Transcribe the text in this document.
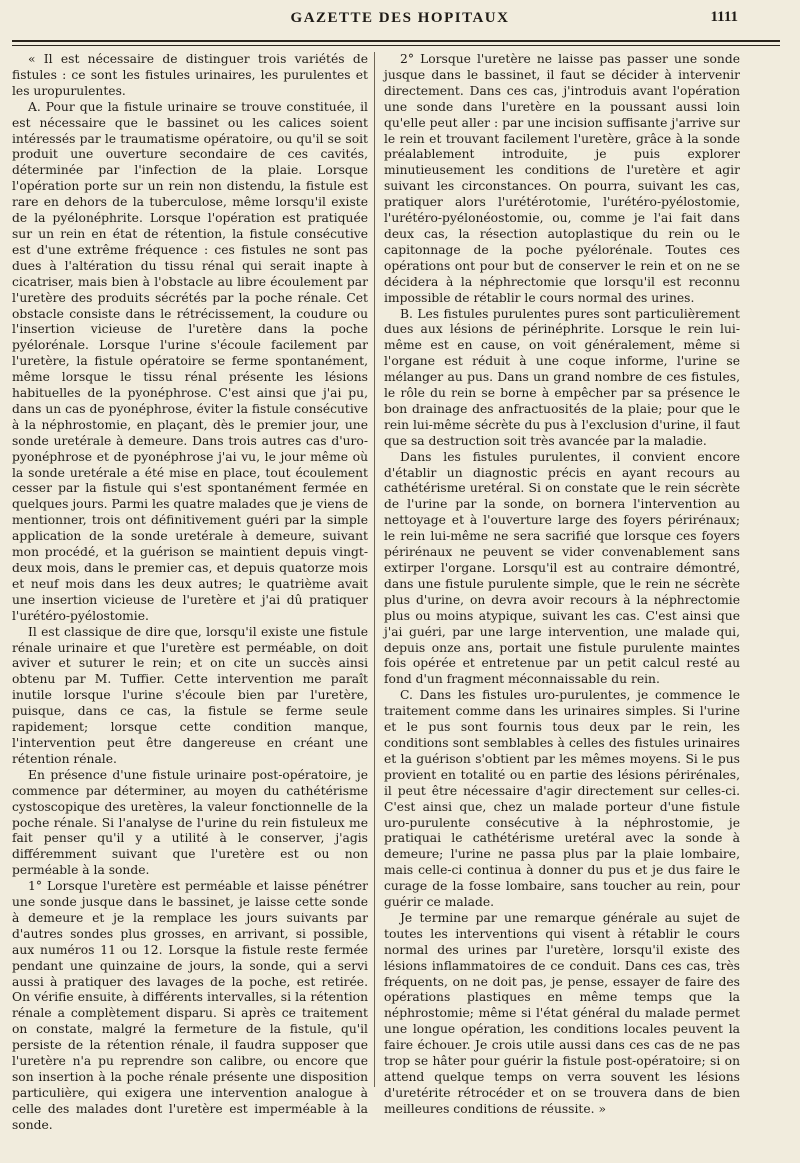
GAZETTE DES HOPITAUX	1111

« Il est nécessaire de distinguer trois variétés de fistules : ce sont les fistules urinaires, les purulentes et les uropurulentes.

A. Pour que la fistule urinaire se trouve constituée, il est nécessaire que le bassinet ou les calices soient intéressés par le traumatisme opératoire, ou qu'il se soit produit une ouverture secondaire de ces cavités, déterminée par l'infection de la plaie. Lorsque l'opération porte sur un rein non distendu, la fistule est rare en dehors de la tuberculose, même lorsqu'il existe de la pyélonéphrite. Lorsque l'opération est pratiquée sur un rein en état de rétention, la fistule consécutive est d'une extrême fréquence : ces fistules ne sont pas dues à l'altération du tissu rénal qui serait inapte à cicatriser, mais bien à l'obstacle au libre écoulement par l'uretère des produits sécrétés par la poche rénale. Cet obstacle consiste dans le rétrécissement, la coudure ou l'insertion vicieuse de l'uretère dans la poche pyélorénale. Lorsque l'urine s'écoule facilement par l'uretère, la fistule opératoire se ferme spontanément, même lorsque le tissu rénal présente les lésions habituelles de la pyonéphrose. C'est ainsi que j'ai pu, dans un cas de pyonéphrose, éviter la fistule consécutive à la néphrostomie, en plaçant, dès le premier jour, une sonde uretérale à demeure. Dans trois autres cas d'uro-pyonéphrose et de pyonéphrose j'ai vu, le jour même où la sonde uretérale a été mise en place, tout écoulement cesser par la fistule qui s'est spontanément fermée en quelques jours. Parmi les quatre malades que je viens de mentionner, trois ont définitivement guéri par la simple application de la sonde uretérale à demeure, suivant mon procédé, et la guérison se maintient depuis vingt-deux mois, dans le premier cas, et depuis quatorze mois et neuf mois dans les deux autres; le quatrième avait une insertion vicieuse de l'uretère et j'ai dû pratiquer l'urétéro-pyélostomie.

Il est classique de dire que, lorsqu'il existe une fistule rénale urinaire et que l'uretère est perméable, on doit aviver et suturer le rein; et on cite un succès ainsi obtenu par M. Tuffier. Cette intervention me paraît inutile lorsque l'urine s'écoule bien par l'uretère, puisque, dans ce cas, la fistule se ferme seule rapidement; lorsque cette condition manque, l'intervention peut être dangereuse en créant une rétention rénale.

En présence d'une fistule urinaire post-opératoire, je commence par déterminer, au moyen du cathétérisme cystoscopique des uretères, la valeur fonctionnelle de la poche rénale. Si l'analyse de l'urine du rein fistuleux me fait penser qu'il y a utilité à le conserver, j'agis différemment suivant que l'uretère est ou non perméable à la sonde.

1° Lorsque l'uretère est perméable et laisse pénétrer une sonde jusque dans le bassinet, je laisse cette sonde à demeure et je la remplace les jours suivants par d'autres sondes plus grosses, en arrivant, si possible, aux numéros 11 ou 12. Lorsque la fistule reste fermée pendant une quinzaine de jours, la sonde, qui a servi aussi à pratiquer des lavages de la poche, est retirée. On vérifie ensuite, à différents intervalles, si la rétention rénale a complètement disparu. Si après ce traitement on constate, malgré la fermeture de la fistule, qu'il persiste de la rétention rénale, il faudra supposer que l'uretère n'a pu reprendre son calibre, ou encore que son insertion à la poche rénale présente une disposition particulière, qui exigera une intervention analogue à celle des malades dont l'uretère est imperméable à la sonde.

2° Lorsque l'uretère ne laisse pas passer une sonde jusque dans le bassinet, il faut se décider à intervenir directement. Dans ces cas, j'introduis avant l'opération une sonde dans l'uretère en la poussant aussi loin qu'elle peut aller : par une incision suffisante j'arrive sur le rein et trouvant facilement l'uretère, grâce à la sonde préalablement introduite, je puis explorer minutieusement les conditions de l'uretère et agir suivant les circonstances. On pourra, suivant les cas, pratiquer alors l'urétérotomie, l'urétéro-pyélostomie, l'urétéro-pyélonéostomie, ou, comme je l'ai fait dans deux cas, la résection autoplastique du rein ou le capitonnage de la poche pyélorénale. Toutes ces opérations ont pour but de conserver le rein et on ne se décidera à la néphrectomie que lorsqu'il est reconnu impossible de rétablir le cours normal des urines.

B. Les fistules purulentes pures sont particulièrement dues aux lésions de périnéphrite. Lorsque le rein lui-même est en cause, on voit généralement, même si l'organe est réduit à une coque informe, l'urine se mélanger au pus. Dans un grand nombre de ces fistules, le rôle du rein se borne à empêcher par sa présence le bon drainage des anfractuosités de la plaie; pour que le rein lui-même sécrète du pus à l'exclusion d'urine, il faut que sa destruction soit très avancée par la maladie.

Dans les fistules purulentes, il convient encore d'établir un diagnostic précis en ayant recours au cathétérisme uretéral. Si on constate que le rein sécrète de l'urine par la sonde, on bornera l'intervention au nettoyage et à l'ouverture large des foyers périrénaux; le rein lui-même ne sera sacrifié que lorsque ces foyers périrénaux ne peuvent se vider convenablement sans extirper l'organe. Lorsqu'il est au contraire démontré, dans une fistule purulente simple, que le rein ne sécrète plus d'urine, on devra avoir recours à la néphrectomie plus ou moins atypique, suivant les cas. C'est ainsi que j'ai guéri, par une large intervention, une malade qui, depuis onze ans, portait une fistule purulente maintes fois opérée et entretenue par un petit calcul resté au fond d'un fragment méconnaissable du rein.

C. Dans les fistules uro-purulentes, je commence le traitement comme dans les urinaires simples. Si l'urine et le pus sont fournis tous deux par le rein, les conditions sont semblables à celles des fistules urinaires et la guérison s'obtient par les mêmes moyens. Si le pus provient en totalité ou en partie des lésions périrénales, il peut être nécessaire d'agir directement sur celles-ci. C'est ainsi que, chez un malade porteur d'une fistule uro-purulente consécutive à la néphrostomie, je pratiquai le cathétérisme uretéral avec la sonde à demeure; l'urine ne passa plus par la plaie lombaire, mais celle-ci continua à donner du pus et je dus faire le curage de la fosse lombaire, sans toucher au rein, pour guérir ce malade.

Je termine par une remarque générale au sujet de toutes les interventions qui visent à rétablir le cours normal des urines par l'uretère, lorsqu'il existe des lésions inflammatoires de ce conduit. Dans ces cas, très fréquents, on ne doit pas, je pense, essayer de faire des opérations plastiques en même temps que la néphrostomie; même si l'état général du malade permet une longue opération, les conditions locales peuvent la faire échouer. Je crois utile aussi dans ces cas de ne pas trop se hâter pour guérir la fistule post-opératoire; si on attend quelque temps on verra souvent les lésions d'uretérite rétrocéder et on se trouvera dans de bien meilleures conditions de réussite. »
